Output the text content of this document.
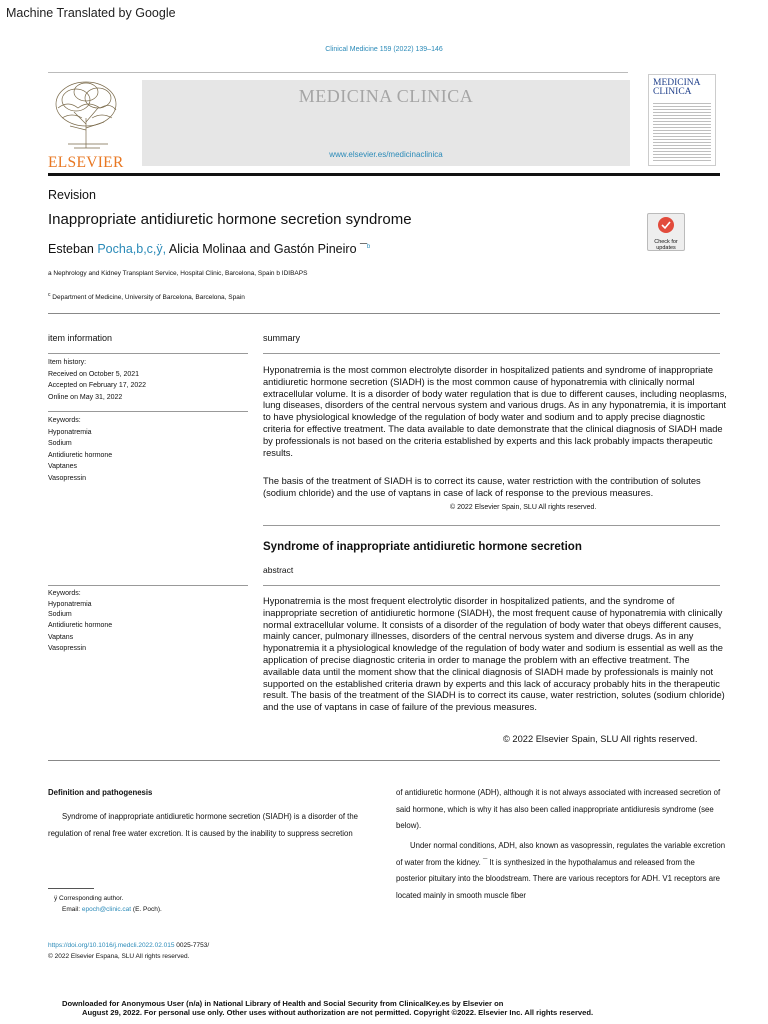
Machine Translated by Google
Clinical Medicine 159 (2022) 139–146
ELSEVIER
MEDICINA CLINICA
www.elsevier.es/medicinaclinica
MEDICINA
CLINICA
Revision
Inappropriate antidiuretic hormone secretion syndrome
Check for
updates
Esteban Pocha,b,c,ÿ, Alicia Molinaa and Gastón Pineiro ¯$^b$
a Nephrology and Kidney Transplant Service, Hospital Clinic, Barcelona, Spain b IDIBAPS
$^c$ Department of Medicine, University of Barcelona, Barcelona, Spain
item information
Item history:
Received on October 5, 2021
Accepted on February 17, 2022
Online on May 31, 2022
Keywords:
Hyponatremia
Sodium
Antidiuretic hormone
Vaptanes
Vasopressin
summary
Hyponatremia is the most common electrolyte disorder in hospitalized patients and syndrome of inappropriate antidiuretic hormone secretion (SIADH) is the most common cause of hyponatremia with clinically normal extracellular volume. It is a disorder of body water regulation that is due to different causes, including neoplasms, lung diseases, disorders of the central nervous system and various drugs. As in any hyponatremia, it is important to have physiological knowledge of the regulation of body water and sodium and to apply precise diagnostic criteria for effective treatment. The data available to date demonstrate that the clinical diagnosis of SIADH made by professionals is not based on the criteria established by experts and this lack probably impacts therapeutic results.
The basis of the treatment of SIADH is to correct its cause, water restriction with the contribution of solutes (sodium chloride) and the use of vaptans in case of lack of response to the previous measures.
© 2022 Elsevier Spain, SLU All rights reserved.
Syndrome of inappropriate antidiuretic hormone secretion
abstract
Keywords:
Hyponatremia
Sodium
Antidiuretic hormone
Vaptans
Vasopressin
Hyponatremia is the most frequent electrolytic disorder in hospitalized patients, and the syndrome of inappropriate secretion of antidiuretic hormone (SIADH), the most frequent cause of hyponatremia with clinically normal extracellular volume. It consists of a disorder of the regulation of body water that obeys different causes, mainly cancer, pulmonary illnesses, disorders of the central nervous system and diverse drugs. As in any hyponatremia it a physiological knowledge of the regulation of body water and sodium is essential as well as the application of precise diagnostic criteria in order to manage the problem with an effective treatment. The available data until the moment show that the clinical diagnosis of SIADH made by professionals is mainly not supported on the established criteria drawn by experts and this lack of accuracy probably hits in the therapeutic result. The basis of the treatment of the SIADH is to correct its cause, water restriction, solutes (sodium chloride) and the use of vaptans in case of failure of the previous measures.
© 2022 Elsevier Spain, SLU All rights reserved.
Definition and pathogenesis
Syndrome of inappropriate antidiuretic hormone secretion (SIADH) is a disorder of the regulation of renal free water excretion. It is caused by the inability to suppress secretion
of antidiuretic hormone (ADH), although it is not always associated with increased secretion of said hormone, which is why it has also been called inappropriate antidiuresis syndrome (see below).
Under normal conditions, ADH, also known as vasopressin, regulates the variable excretion of water from the kidney. ¯ It is synthesized in the hypothalamus and released from the posterior pituitary into the bloodstream. There are various receptors for ADH. V1 receptors are located mainly in smooth muscle fiber
ÿ Corresponding author.
Email: epoch@clinic.cat (E. Poch).
https://doi.org/10.1016/j.medcli.2022.02.015 0025-7753/
© 2022 Elsevier Espana, SLU All rights reserved.
Downloaded for Anonymous User (n/a) in National Library of Health and Social Security from ClinicalKey.es by Elsevier on
August 29, 2022. For personal use only. Other uses without authorization are not permitted. Copyright ©2022. Elsevier Inc. All rights reserved.
